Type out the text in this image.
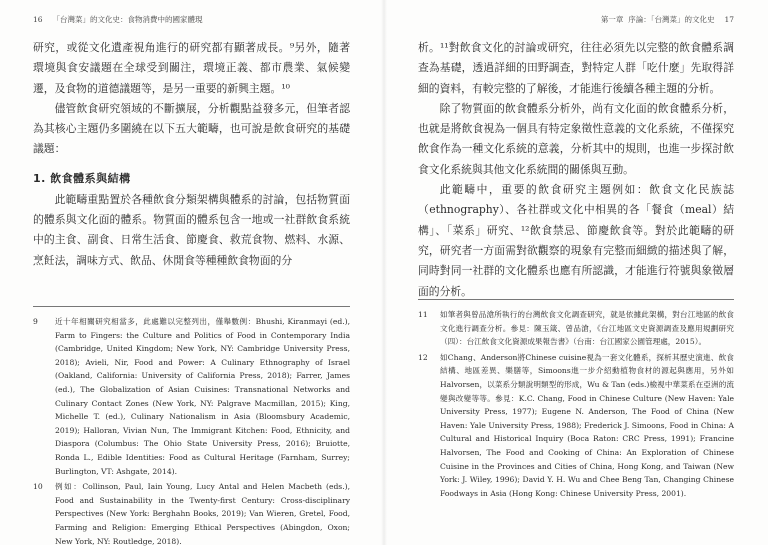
16 「台灣菜」的文化史：食物消費中的國家體現

研究，或從文化遺產視角進行的研究都有顯著成長。⁹另外，隨著環境與食安議題在全球受到關注，環境正義、都市農業、氣候變遷，及食物的道德議題等，是另一重要的新興主題。¹⁰

儘管飲食研究領域的不斷擴展，分析觀點益發多元，但筆者認為其核心主題仍多圍繞在以下五大範疇，也可說是飲食研究的基礎議題：

1. 飲食體系與結構

此範疇重點置於各種飲食分類架構與體系的討論，包括物質面的體系與文化面的體系。物質面的體系包含一地或一社群飲食系統中的主食、副食、日常生活食、節慶食、救荒食物、燃料、水源、烹飪法，調味方式、飲品、休閒食等種種飲食物面的分

9	近十年相關研究相當多，此處難以完整列出，僅舉數例：Bhushi, Kiranmayi (ed.), Farm to Fingers: the Culture and Politics of Food in Contemporary India (Cambridge, United Kingdom; New York, NY: Cambridge University Press, 2018); Avieli, Nir, Food and Power: A Culinary Ethnography of Israel (Oakland, California: University of California Press, 2018); Farrer, James (ed.), The Globalization of Asian Cuisines: Transnational Networks and Culinary Contact Zones (New York, NY: Palgrave Macmillan, 2015); King, Michelle T. (ed.), Culinary Nationalism in Asia (Bloomsbury Academic, 2019); Halloran, Vivian Nun, The Immigrant Kitchen: Food, Ethnicity, and Diaspora (Columbus: The Ohio State University Press, 2016); Bruiotte, Ronda L., Edible Identities: Food as Cultural Heritage (Farnham, Surrey; Burlington, VT: Ashgate, 2014).
10	例如：Collinson, Paul, Iain Young, Lucy Antal and Helen Macbeth (eds.), Food and Sustainability in the Twenty-first Century: Cross-disciplinary Perspectives (New York: Berghahn Books, 2019); Van Wieren, Gretel, Food, Farming and Religion: Emerging Ethical Perspectives (Abingdon, Oxon; New York, NY: Routledge, 2018).
第一章 序論：「台灣菜」的文化史 17

析。¹¹對飲食文化的討論或研究，往往必須先以完整的飲食體系調查為基礎，透過詳細的田野調查，對特定人群「吃什麼」先取得詳細的資料，有較完整的了解後，才能進行後續各種主題的分析。

除了物質面的飲食體系分析外，尚有文化面的飲食體系分析，也就是將飲食視為一個具有特定象徵性意義的文化系統，不僅探究飲食作為一種文化系統的意義，分析其中的規則，也進一步探討飲食文化系統與其他文化系統間的關係與互動。

此範疇中，重要的飲食研究主題例如：飲食文化民族誌（ethnography）、各社群或文化中相異的各「餐食（meal）結構」、「菜系」研究、¹²飲食禁忌、節慶飲食等。對於此範疇的研究，研究者一方面需對欲觀察的現象有完整而細緻的描述與了解，同時對同一社群的文化體系也應有所認識，才能進行符號與象徵層面的分析。

11	如筆者與曾品滄所執行的台灣飲食文化調查研究，就是依據此架構，對台江地區的飲食文化進行調查分析。參見：陳玉箴、曾品滄，《台江地區文史資源調查及應用規劃研究（四）：台江飲食文化資源成果報告書》（台南：台江國家公園管理處，2015）。
12	如Chang、Anderson將Chinese cuisine視為一套文化體系，探析其歷史演進、飲食結構、地區差異、樂膳等，Simoons進一步介紹動植物食材的源起與應用，另外如Halvorsen，以菜系分類說明類型的形成，Wu & Tan (eds.)檢視中華菜系在亞洲的流變與改變等等。參見：K.C. Chang, Food in Chinese Culture (New Haven: Yale University Press, 1977); Eugene N. Anderson, The Food of China (New Haven: Yale University Press, 1988); Frederick J. Simoons, Food in China: A Cultural and Historical Inquiry (Boca Raton: CRC Press, 1991); Francine Halvorsen, The Food and Cooking of China: An Exploration of Chinese Cuisine in the Provinces and Cities of China, Hong Kong, and Taiwan (New York: J. Wiley, 1996); David Y. H. Wu and Chee Beng Tan, Changing Chinese Foodways in Asia (Hong Kong: Chinese University Press, 2001).
